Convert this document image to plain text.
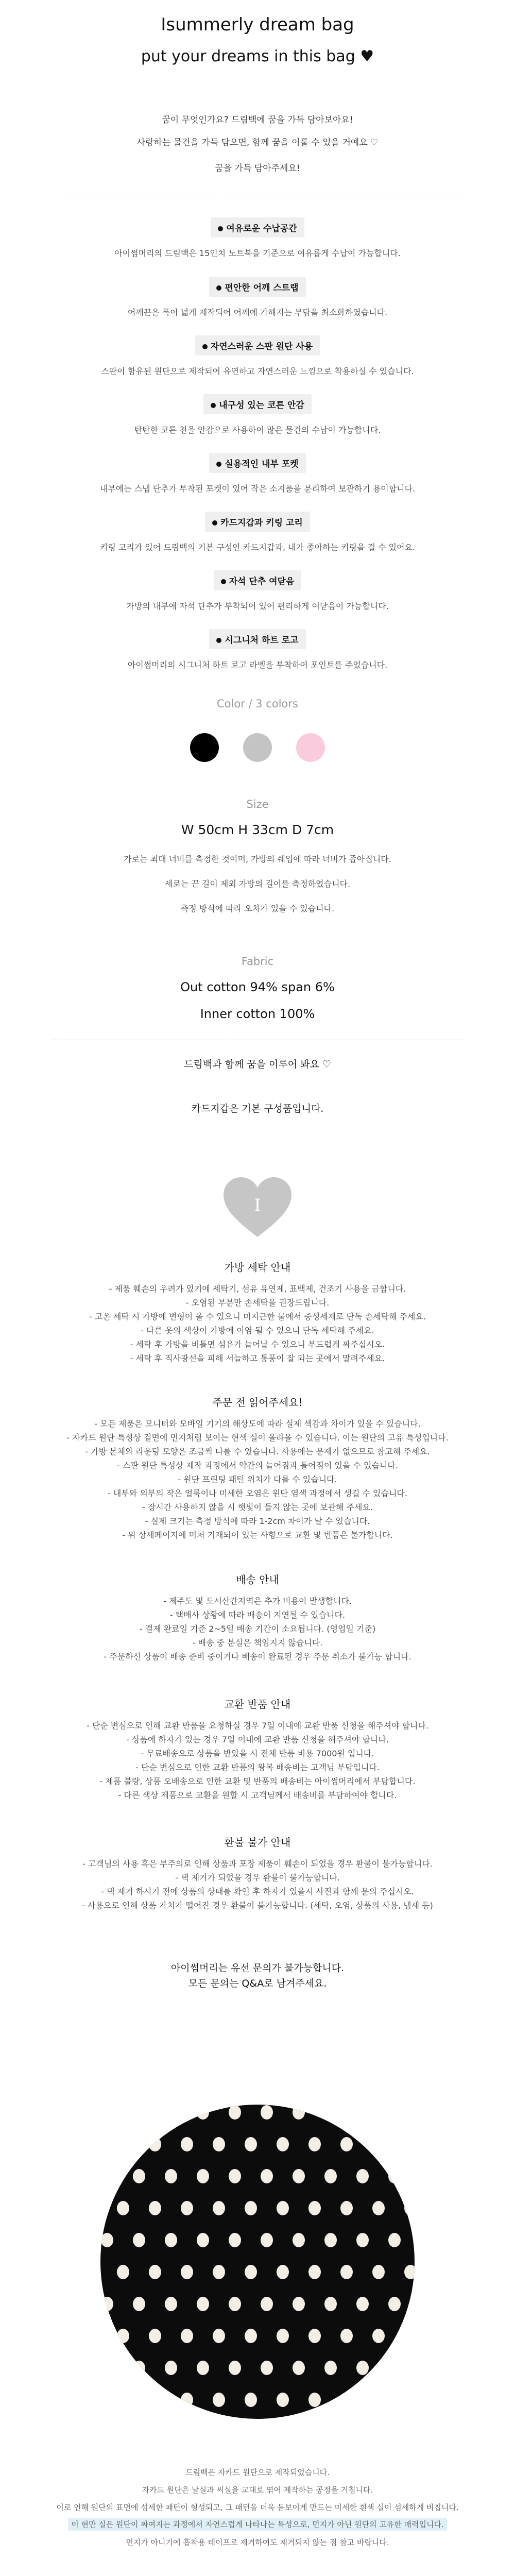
Isummerly dream bag
put your dreams in this bag ♥
꿈이 무엇인가요? 드림백에 꿈을 가득 담아보아요!
사랑하는 물건을 가득 담으면, 함께 꿈을 이룰 수 있을 거예요 ♡
꿈을 가득 담아주세요!
여유로운 수납공간
아이썸머리의 드림백은 15인치 노트북을 기준으로 여유롭게 수납이 가능합니다.
편안한 어깨 스트랩
어깨끈은 폭이 넓게 제작되어 어깨에 가해지는 부담을 최소화하였습니다.
자연스러운 스판 원단 사용
스판이 함유된 원단으로 제작되어 유연하고 자연스러운 느낌으로 착용하실 수 있습니다.
내구성 있는 코튼 안감
탄탄한 코튼 천을 안감으로 사용하여 많은 물건의 수납이 가능합니다.
실용적인 내부 포켓
내부에는 스냅 단추가 부착된 포켓이 있어 작은 소지품을 분리하여 보관하기 용이합니다.
카드지갑과 키링 고리
키링 고리가 있어 드림백의 기본 구성인 카드지갑과, 내가 좋아하는 키링을 걸 수 있어요.
자석 단추 여닫음
가방의 내부에 자석 단추가 부착되어 있어 편리하게 여닫음이 가능합니다.
시그니처 하트 로고
아이썸머리의 시그니처 하트 로고 라벨을 부착하여 포인트를 주었습니다.
Color / 3 colors

Size
W 50cm H 33cm D 7cm
가로는 최대 너비를 측정한 것이며, 가방의 쉐입에 따라 너비가 좁아집니다.
세로는 끈 길이 제외 가방의 길이를 측정하였습니다.
측정 방식에 따라 오차가 있을 수 있습니다.
Fabric
Out cotton 94% span 6%
Inner cotton 100%
드림백과 함께 꿈을 이루어 봐요 ♡
카드지갑은 기본 구성품입니다.
I
가방 세탁 안내
- 제품 훼손의 우려가 있기에 세탁기, 섬유 유연제, 표백제, 건조기 사용을 금합니다.
- 오염된 부분만 손세탁을 권장드립니다.
- 고온 세탁 시 가방에 변형이 올 수 있으니 미지근한 물에서 중성세제로 단독 손세탁해 주세요.
- 다른 옷의 색상이 가방에 이염 될 수 있으니 단독 세탁해 주세요.
- 세탁 후 가방을 비틀면 섬유가 늘어날 수 있으니 부드럽게 짜주십시오.
- 세탁 후 직사광선을 피해 서늘하고 통풍이 잘 되는 곳에서 말려주세요.
주문 전 읽어주세요!
- 모든 제품은 모니터와 모바일 기기의 해상도에 따라 실제 색감과 차이가 있을 수 있습니다.
- 자카드 원단 특성상 겉면에 먼지처럼 보이는 현색 실이 올라올 수 있습니다. 이는 원단의 고유 특성입니다.
- 가방 본체와 라운딩 모양은 조금씩 다를 수 있습니다. 사용에는 문제가 없으므로 참고해 주세요.
- 스판 원단 특성상 제작 과정에서 약간의 늘어짐과 틀어짐이 있을 수 있습니다.
- 원단 프린팅 패턴 위치가 다를 수 있습니다.
- 내부와 외부의 작은 얼룩이나 미세한 오염은 원단 염색 과정에서 생길 수 있습니다.
- 장시간 사용하지 않을 시 햇빛이 들지 않는 곳에 보관해 주세요.
- 실제 크기는 측정 방식에 따라 1-2cm 차이가 날 수 있습니다.
- 위 상세페이지에 미처 기재되어 있는 사항으로 교환 및 반품은 불가합니다.
배송 안내
- 제주도 및 도서산간지역은 추가 비용이 발생합니다.
- 택배사 상황에 따라 배송이 지연될 수 있습니다.
- 결제 완료일 기준 2~5일 배송 기간이 소요됩니다. (영업일 기준)
- 배송 중 분실은 책임지지 않습니다.
- 주문하신 상품이 배송 준비 중이거나 배송이 완료된 경우 주문 취소가 불가능 합니다.
교환 반품 안내
- 단순 변심으로 인해 교환 반품을 요청하실 경우 7일 이내에 교환 반품 신청을 해주셔야 합니다.
- 상품에 하자가 있는 경우 7일 이내에 교환 반품 신청을 해주셔야 합니다.
- 무료배송으로 상품을 받았을 시 전체 반품 비용 7000원 입니다.
- 단순 변심으로 인한 교환 반품의 왕복 배송비는 고객님 부담입니다.
- 제품 불량, 상품 오배송으로 인한 교환 및 반품의 배송비는 아이썸머리에서 부담합니다.
- 다른 색상 제품으로 교환을 원할 시 고객님께서 배송비를 부담하여야 합니다.
환불 불가 안내
- 고객님의 사용 혹은 부주의로 인해 상품과 포장 제품이 훼손이 되었을 경우 환불이 불가능합니다.
- 택 제거가 되었을 경우 환불이 불가능합니다.
- 택 제거 하시기 전에 상품의 상태를 확인 후 하자가 있을시 사진과 함께 문의 주십시오.
- 사용으로 인해 상품 가치가 떨어진 경우 환불이 불가능합니다. (세탁, 오염, 상품의 사용, 냄새 등)
아이썸머리는 유선 문의가 불가능합니다.
모든 문의는 Q&A로 남겨주세요.
드림백은 자카드 원단으로 제작되었습니다.
자카드 원단은 날실과 씨실을 교대로 엮어 제작하는 공정을 거칩니다.
이로 인해 원단의 표면에 섬세한 패턴이 형성되고, 그 패턴을 더욱 돋보이게 만드는 미세한 흰색 실이 섬세하게 비칩니다.
이 현만 실은 원단이 짜여지는 과정에서 자연스럽게 나타나는 특성으로, 먼지가 아닌 원단의 고유한 매력입니다.
먼지가 아니기에 흡착용 테이프로 제거하여도 제거되지 않는 점 참고 바랍니다.
